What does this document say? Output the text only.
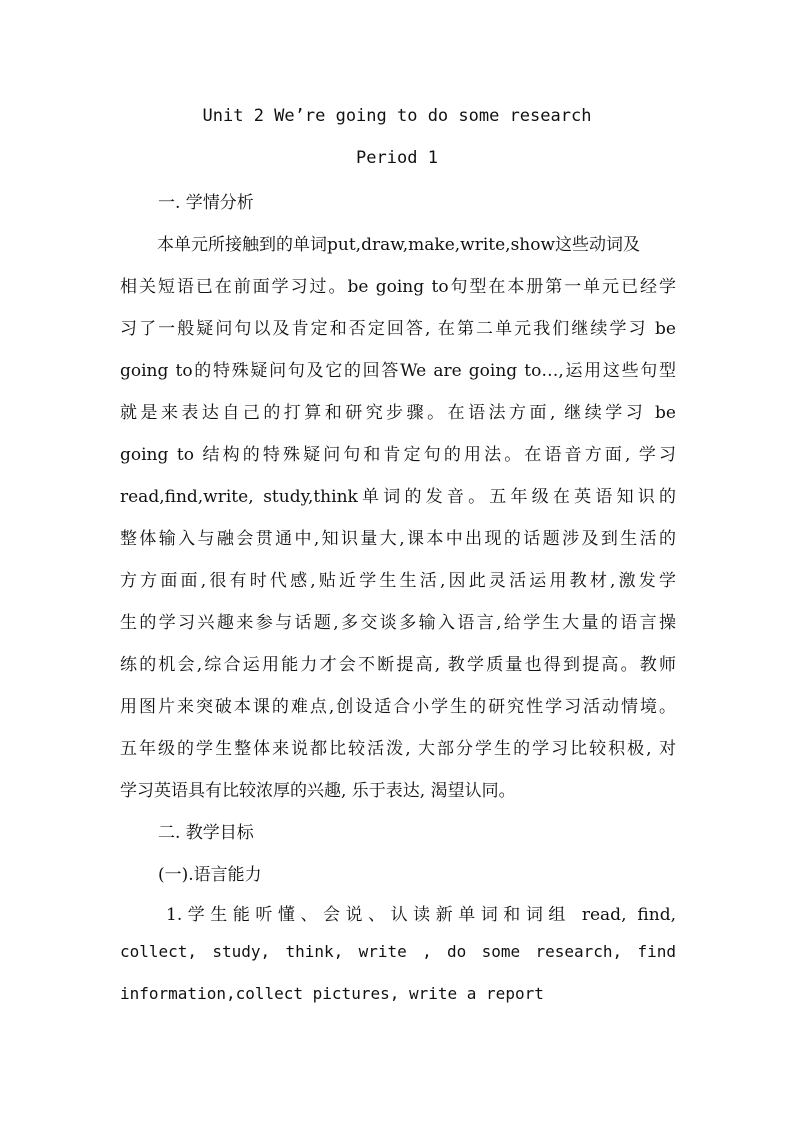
Unit 2 We’re going to do some research
Period 1
一. 学情分析
本单元所接触到的单词put,draw,make,write,show这些动词及
相关短语已在前面学习过。be going to句型在本册第一单元已经学
习了一般疑问句以及肯定和否定回答, 在第二单元我们继续学习 be
going to的特殊疑问句及它的回答We are going to…,运用这些句型
就是来表达自己的打算和研究步骤。在语法方面, 继续学习 be
going to 结构的特殊疑问句和肯定句的用法。在语音方面, 学习
read,find,write, study,think单词的发音。五年级在英语知识的
整体输入与融会贯通中,知识量大,课本中出现的话题涉及到生活的
方方面面,很有时代感,贴近学生生活,因此灵活运用教材,激发学
生的学习兴趣来参与话题,多交谈多输入语言,给学生大量的语言操
练的机会,综合运用能力才会不断提高, 教学质量也得到提高。教师
用图片来突破本课的难点,创设适合小学生的研究性学习活动情境。
五年级的学生整体来说都比较活泼, 大部分学生的学习比较积极, 对
学习英语具有比较浓厚的兴趣, 乐于表达, 渴望认同。
二. 教学目标
(一).语言能力
1.学生能听懂、会说、认读新单词和词组 read, find,
collect, study, think, write , do some research, find
information,collect pictures, write a report
